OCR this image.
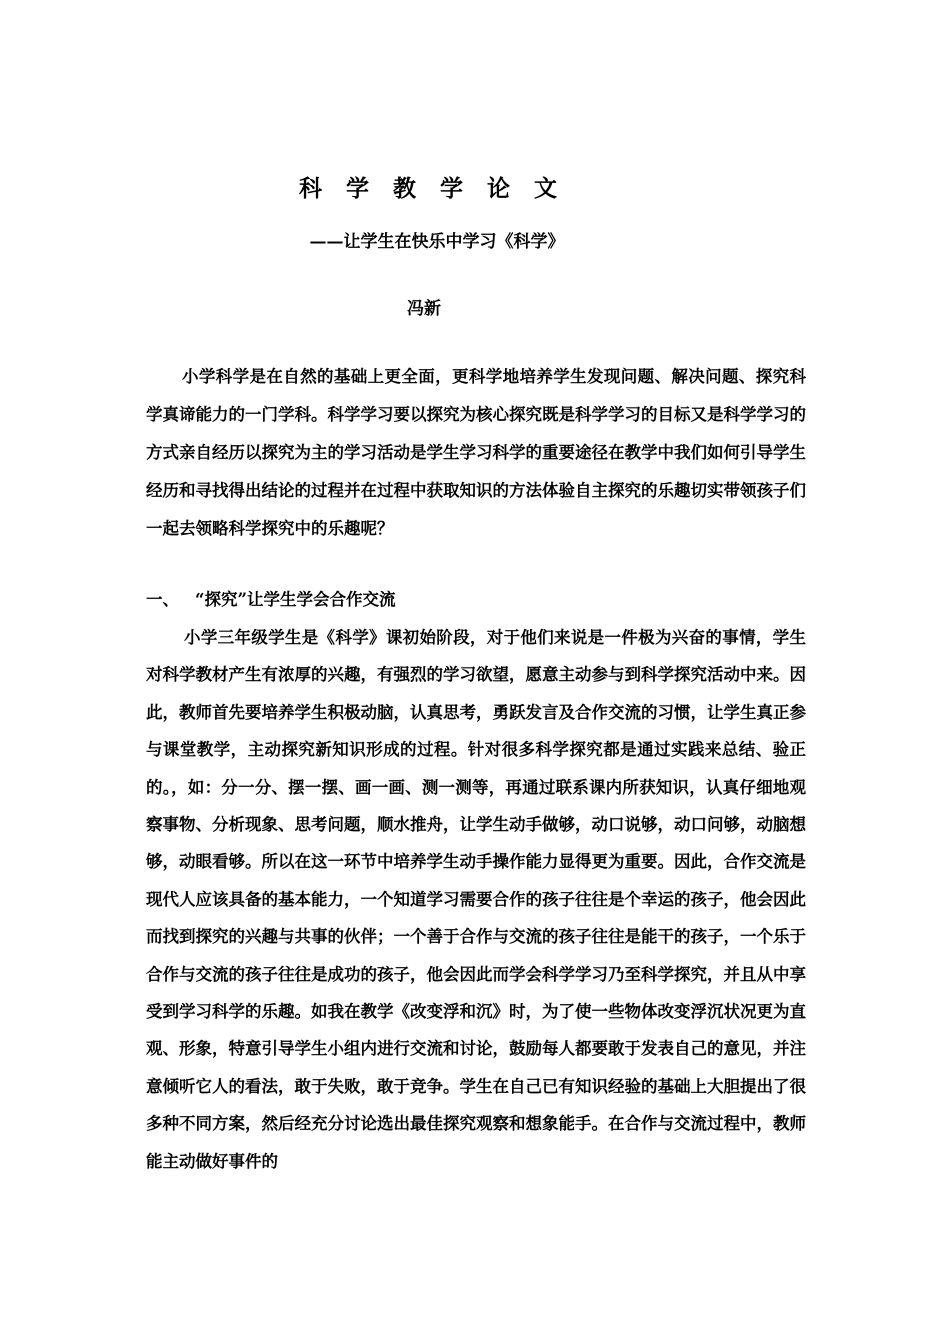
科学教学论文
——让学生在快乐中学习《科学》
冯新

小学科学是在自然的基础上更全面，更科学地培养学生发现问题、解决问题、探究科学真谛能力的一门学科。科学学习要以探究为核心探究既是科学学习的目标又是科学学习的方式亲自经历以探究为主的学习活动是学生学习科学的重要途径在教学中我们如何引导学生经历和寻找得出结论的过程并在过程中获取知识的方法体验自主探究的乐趣切实带领孩子们一起去领略科学探究中的乐趣呢？

一、 “探究”让学生学会合作交流

小学三年级学生是《科学》课初始阶段，对于他们来说是一件极为兴奋的事情，学生对科学教材产生有浓厚的兴趣，有强烈的学习欲望，愿意主动参与到科学探究活动中来。因此，教师首先要培养学生积极动脑，认真思考，勇跃发言及合作交流的习惯，让学生真正参与课堂教学，主动探究新知识形成的过程。针对很多科学探究都是通过实践来总结、验正的。，如：分一分、摆一摆、画一画、测一测等，再通过联系课内所获知识，认真仔细地观察事物、分析现象、思考问题，顺水推舟，让学生动手做够，动口说够，动口问够，动脑想够，动眼看够。所以在这一环节中培养学生动手操作能力显得更为重要。因此，合作交流是现代人应该具备的基本能力，一个知道学习需要合作的孩子往往是个幸运的孩子，他会因此而找到探究的兴趣与共事的伙伴；一个善于合作与交流的孩子往往是能干的孩子，一个乐于合作与交流的孩子往往是成功的孩子，他会因此而学会科学学习乃至科学探究，并且从中享受到学习科学的乐趣。如我在教学《改变浮和沉》时，为了使一些物体改变浮沉状况更为直观、形象，特意引导学生小组内进行交流和讨论，鼓励每人都要敢于发表自己的意见，并注意倾听它人的看法，敢于失败，敢于竞争。学生在自己已有知识经验的基础上大胆提出了很多种不同方案，然后经充分讨论选出最佳探究观察和想象能手。在合作与交流过程中，教师能主动做好事件的
